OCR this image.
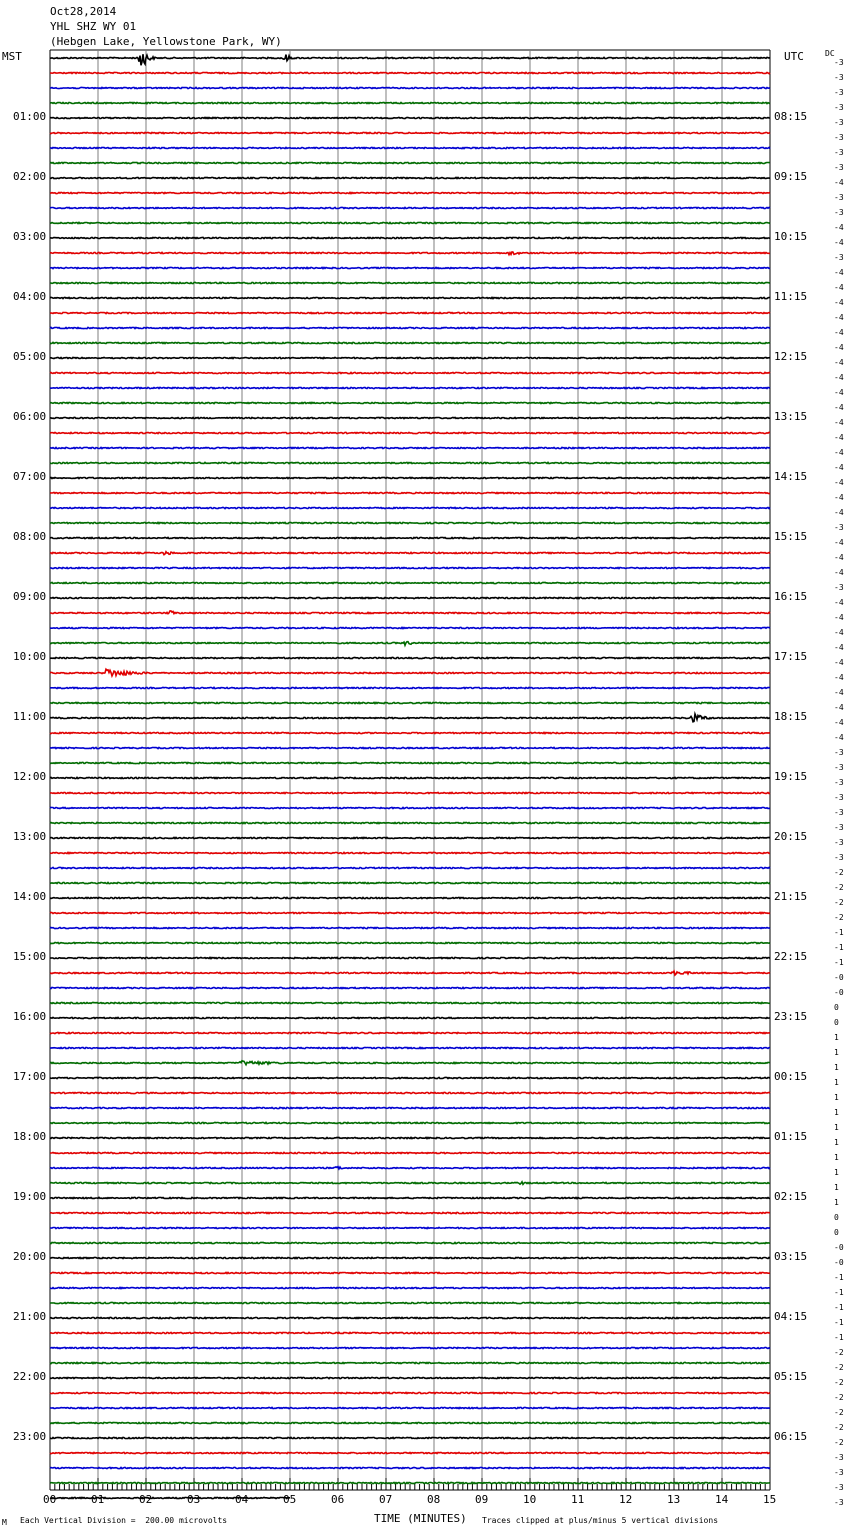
Oct28,2014
YHL SHZ WY 01
(Hebgen Lake, Yellowstone Park, WY)
MST	UTC	DC
00	01	02	03	04	05	06	07	08	09	10	11	12	13	14	15
-3
-3
-3
-3
-3
-3
-3
-3
-4
-3
-3
-4
-4
-3
-4
-4
-4
-4
-4
-4
-4
-4
-4
-4
-4
-4
-4
-4
-4
-4
-4
-3
-4
-4
-4
-3
-4
-4
-4
-4
-4
-4
-4
-4
-4
-4
-3
-3
-3
-3
-3
-3
-3
-3
-2
-2
-2
-2
-1
-1
-1
-0
-0
0
0
1
1
1
1
1
1
1
1
1
1
1
1
0
0
-0
-0
-1
-1
-1
-1
-1
-2
-2
-2
-2
-2
-2
-2
-3
-3
-3
-3
01:00
02:00
03:00
04:00
05:00
06:00
07:00
08:00
09:00
10:00
11:00
12:00
13:00
14:00
15:00
16:00
17:00
18:00
19:00
20:00
21:00
22:00
23:00
08:15
09:15
10:15
11:15
12:15
13:15
14:15
15:15
16:15
17:15
18:15
19:15
20:15
21:15
22:15
23:15
00:15
01:15
02:15
03:15
04:15
05:15
06:15
TIME (MINUTES)
M Each Vertical Division =  200.00 microvolts	Traces clipped at plus/minus 5 vertical divisions
